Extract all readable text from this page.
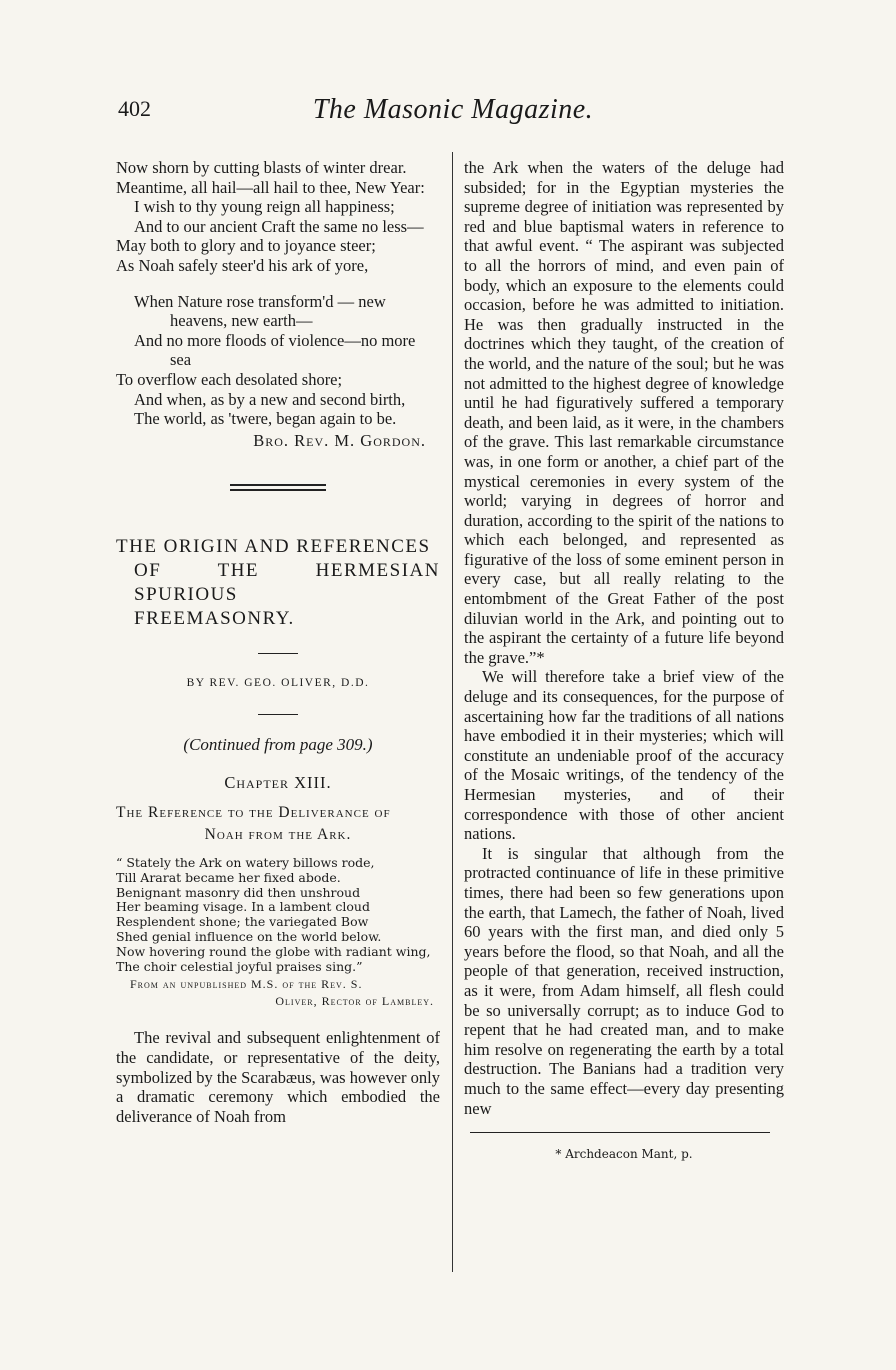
402	The Masonic Magazine.
Now shorn by cutting blasts of winter drear.
Meantime, all hail—all hail to thee, New Year:
I wish to thy young reign all happiness;
And to our ancient Craft the same no less—
May both to glory and to joyance steer;
As Noah safely steer'd his ark of yore,
When Nature rose transform'd — new heavens, new earth—
And no more floods of violence—no more sea
To overflow each desolated shore;
And when, as by a new and second birth,
The world, as 'twere, began again to be.
Bro. Rev. M. Gordon.
THE ORIGIN AND REFERENCES
OF THE HERMESIAN SPURIOUS
FREEMASONRY.
BY REV. GEO. OLIVER, D.D.
(Continued from page 309.)
Chapter XIII.
The Reference to the Deliverance of
Noah from the Ark.
“ Stately the Ark on watery billows rode,
Till Ararat became her fixed abode.
Benignant masonry did then unshroud
Her beaming visage. In a lambent cloud
Resplendent shone; the variegated Bow
Shed genial influence on the world below.
Now hovering round the globe with radiant wing,
The choir celestial joyful praises sing.”
From an unpublished M.S. of the Rev. S.
Oliver, Rector of Lambley.

The revival and subsequent enlightenment of the candidate, or representative of the deity, symbolized by the Scarabæus, was however only a dramatic ceremony which embodied the deliverance of Noah from

the Ark when the waters of the deluge had subsided; for in the Egyptian mysteries the supreme degree of initiation was represented by red and blue baptismal waters in reference to that awful event. “ The aspirant was subjected to all the horrors of mind, and even pain of body, which an exposure to the elements could occasion, before he was admitted to initiation. He was then gradually instructed in the doctrines which they taught, of the creation of the world, and the nature of the soul; but he was not admitted to the highest degree of knowledge until he had figuratively suffered a temporary death, and been laid, as it were, in the chambers of the grave. This last remarkable circumstance was, in one form or another, a chief part of the mystical ceremonies in every system of the world; varying in degrees of horror and duration, according to the spirit of the nations to which each belonged, and represented as figurative of the loss of some eminent person in every case, but all really relating to the entombment of the Great Father of the post diluvian world in the Ark, and pointing out to the aspirant the certainty of a future life beyond the grave.”*

We will therefore take a brief view of the deluge and its consequences, for the purpose of ascertaining how far the traditions of all nations have embodied it in their mysteries; which will constitute an undeniable proof of the accuracy of the Mosaic writings, of the tendency of the Hermesian mysteries, and of their correspondence with those of other ancient nations.

It is singular that although from the protracted continuance of life in these primitive times, there had been so few generations upon the earth, that Lamech, the father of Noah, lived 60 years with the first man, and died only 5 years before the flood, so that Noah, and all the people of that generation, received instruction, as it were, from Adam himself, all flesh could be so universally corrupt; as to induce God to repent that he had created man, and to make him resolve on regenerating the earth by a total destruction. The Banians had a tradition very much to the same effect—every day presenting new

* Archdeacon Mant, p.
